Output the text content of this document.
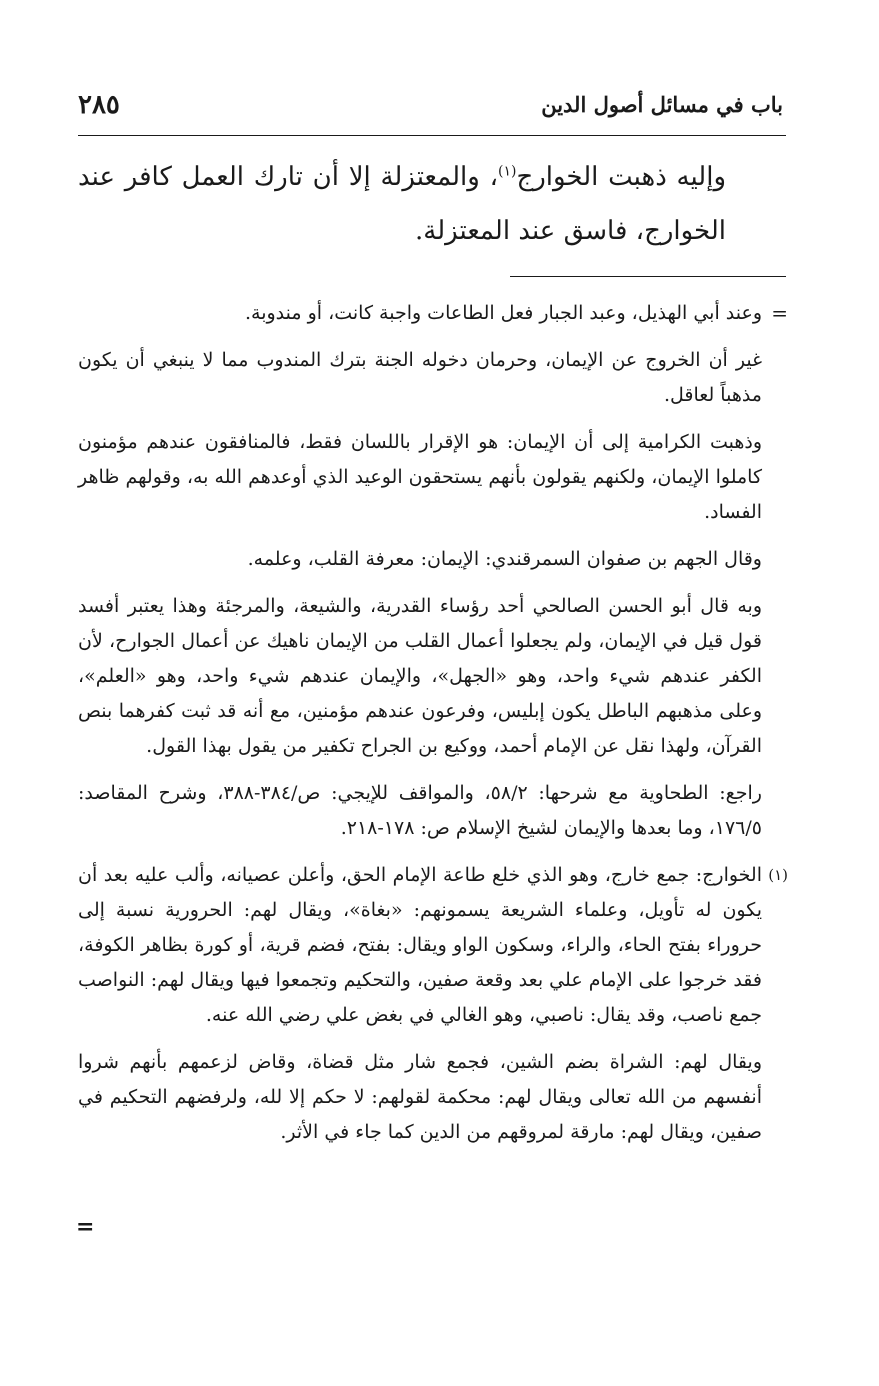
باب في مسائل أصول الدين
٢٨٥

وإليه ذهبت الخوارج$^{(١)}$، والمعتزلة إلا أن تارك العمل كافر عند الخوارج، فاسق عند المعتزلة.

=
وعند أبي الهذيل، وعبد الجبار فعل الطاعات واجبة كانت، أو مندوبة.

غير أن الخروج عن الإيمان، وحرمان دخوله الجنة بترك المندوب مما لا ينبغي أن يكون مذهباً لعاقل.

وذهبت الكرامية إلى أن الإيمان: هو الإقرار باللسان فقط، فالمنافقون عندهم مؤمنون كاملوا الإيمان، ولكنهم يقولون بأنهم يستحقون الوعيد الذي أوعدهم الله به، وقولهم ظاهر الفساد.

وقال الجهم بن صفوان السمرقندي: الإيمان: معرفة القلب، وعلمه.

وبه قال أبو الحسن الصالحي أحد رؤساء القدرية، والشيعة، والمرجئة وهذا يعتبر أفسد قول قيل في الإيمان، ولم يجعلوا أعمال القلب من الإيمان ناهيك عن أعمال الجوارح، لأن الكفر عندهم شيء واحد، وهو «الجهل»، والإيمان عندهم شيء واحد، وهو «العلم»، وعلى مذهبهم الباطل يكون إبليس، وفرعون عندهم مؤمنين، مع أنه قد ثبت كفرهما بنص القرآن، ولهذا نقل عن الإمام أحمد، ووكيع بن الجراح تكفير من يقول بهذا القول.

راجع: الطحاوية مع شرحها: ٥٨/٢، والمواقف للإيجي: ص/٣٨٤-٣٨٨، وشرح المقاصد: ١٧٦/٥، وما بعدها والإيمان لشيخ الإسلام ص: ١٧٨-٢١٨.

(١)
الخوارج: جمع خارج، وهو الذي خلع طاعة الإمام الحق، وأعلن عصيانه، وألب عليه بعد أن يكون له تأويل، وعلماء الشريعة يسمونهم: «بغاة»، ويقال لهم: الحرورية نسبة إلى حروراء بفتح الحاء، والراء، وسكون الواو ويقال: بفتح، فضم قرية، أو كورة بظاهر الكوفة، فقد خرجوا على الإمام علي بعد وقعة صفين، والتحكيم وتجمعوا فيها ويقال لهم: النواصب جمع ناصب، وقد يقال: ناصبي، وهو الغالي في بغض علي رضي الله عنه.

ويقال لهم: الشراة بضم الشين، فجمع شار مثل قضاة، وقاض لزعمهم بأنهم شروا أنفسهم من الله تعالى ويقال لهم: محكمة لقولهم: لا حكم إلا لله، ولرفضهم التحكيم في صفين، ويقال لهم: مارقة لمروقهم من الدين كما جاء في الأثر.

=
